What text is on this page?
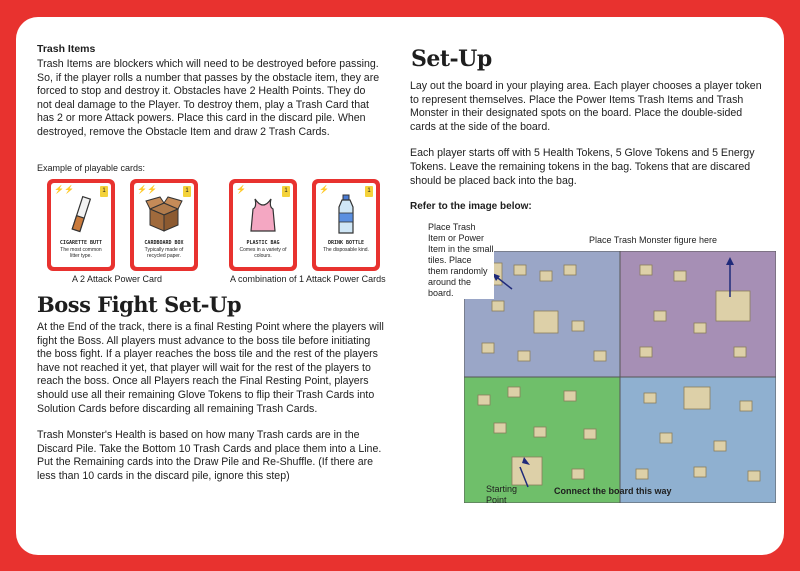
Trash Items

Trash Items are blockers which will need to be destroyed before passing. So, if the player rolls a number that passes by the obstacle item, they are forced to stop and destroy it. Obstacles have 2 Health Points. They do not deal damage to the Player. To destroy them, play a Trash Card that has 2 or more Attack powers. Place this card in the discard pile. When destroyed, remove the Obstacle Item and draw 2 Trash Cards.

Example of playable cards:
⚡⚡	1
CIGARETTE BUTT
The most common litter type.
⚡⚡	1
CARDBOARD BOX
Typically made of recycled paper.
⚡	1
PLASTIC BAG
Comes in a variety of colours.
⚡	1
DRINK BOTTLE
The disposable kind.
A 2 Attack Power Card	A combination of 1 Attack Power Cards
Boss Fight Set-Up

At the End of the track, there is a final Resting Point where the players will fight the Boss. All players must advance to the boss tile before initiating the boss fight. If a player reaches the boss tile and the rest of the players have not reached it yet, that player will wait for the rest of the players to reach the boss. Once all Players reach the Final Resting Point, players should use all their remaining Glove Tokens to flip their Trash Cards into Solution Cards before discarding all remaining Trash Cards.

Trash Monster's Health is based on how many Trash cards are in the Discard Pile. Take the Bottom 10 Trash Cards and place them into a Line. Put the Remaining cards into the Draw Pile and Re-Shuffle. (If there are less than 10 cards in the discard pile, ignore this step)

Set-Up

Lay out the board in your playing area. Each player chooses a player token to represent themselves. Place the Power Items Trash Items and Trash Monster in their designated spots on the board. Place the double-sided cards at the side of the board.

Each player starts off with 5 Health Tokens, 5 Glove Tokens and 5 Energy Tokens. Leave the remaining tokens in the bag. Tokens that are discared should be placed back into the bag.

Refer to the image below:
Place Trash Item or Power Item in the small tiles. Place them randomly around the board.
Place Trash Monster figure here
Starting Point
Connect the board this way
